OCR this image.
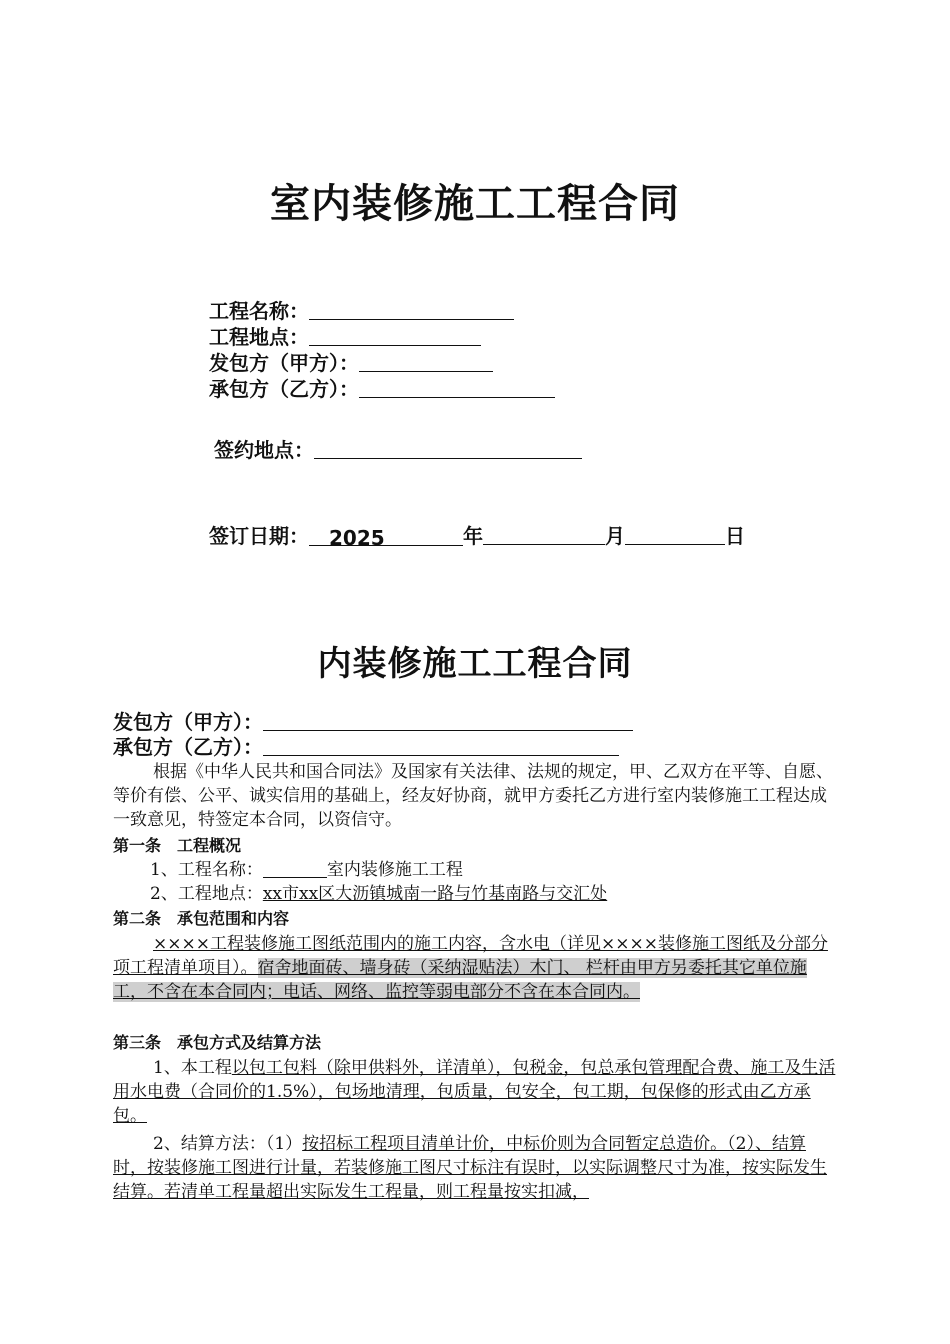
室内装修施工工程合同
工程名称：
工程地点：
发包方（甲方）：
承包方（乙方）：
签约地点：
签订日期： 2025	年	月	日
内装修施工工程合同
发包方（甲方）：
承包方（乙方）：
根据《中华人民共和国合同法》及国家有关法律、法规的规定，甲、乙双方在平等、自愿、等价有偿、公平、诚实信用的基础上，经友好协商，就甲方委托乙方进行室内装修施工工程达成一致意见，特签定本合同，以资信守。
第一条　工程概况
1、工程名称：	室内装修施工工程
2、工程地点：xx市xx区大沥镇城南一路与竹基南路与交汇处
第二条　承包范围和内容
××××工程装修施工图纸范围内的施工内容，含水电（详见××××装修施工图纸及分部分项工程清单项目）。宿舍地面砖、墙身砖（采纳湿贴法）木门、 栏杆由甲方另委托其它单位施工，不含在本合同内；电话、网络、监控等弱电部分不含在本合同内。
第三条　承包方式及结算方法
1、本工程以包工包料（除甲供料外，详清单），包税金，包总承包管理配合费、施工及生活用水电费（合同价的1.5%），包场地清理，包质量，包安全，包工期，包保修的形式由乙方承包。
2、结算方法：（1）按招标工程项目清单计价，中标价则为合同暂定总造价。（2）、结算时，按装修施工图进行计量，若装修施工图尺寸标注有误时，以实际调整尺寸为准，按实际发生结算。若清单工程量超出实际发生工程量，则工程量按实扣减，
